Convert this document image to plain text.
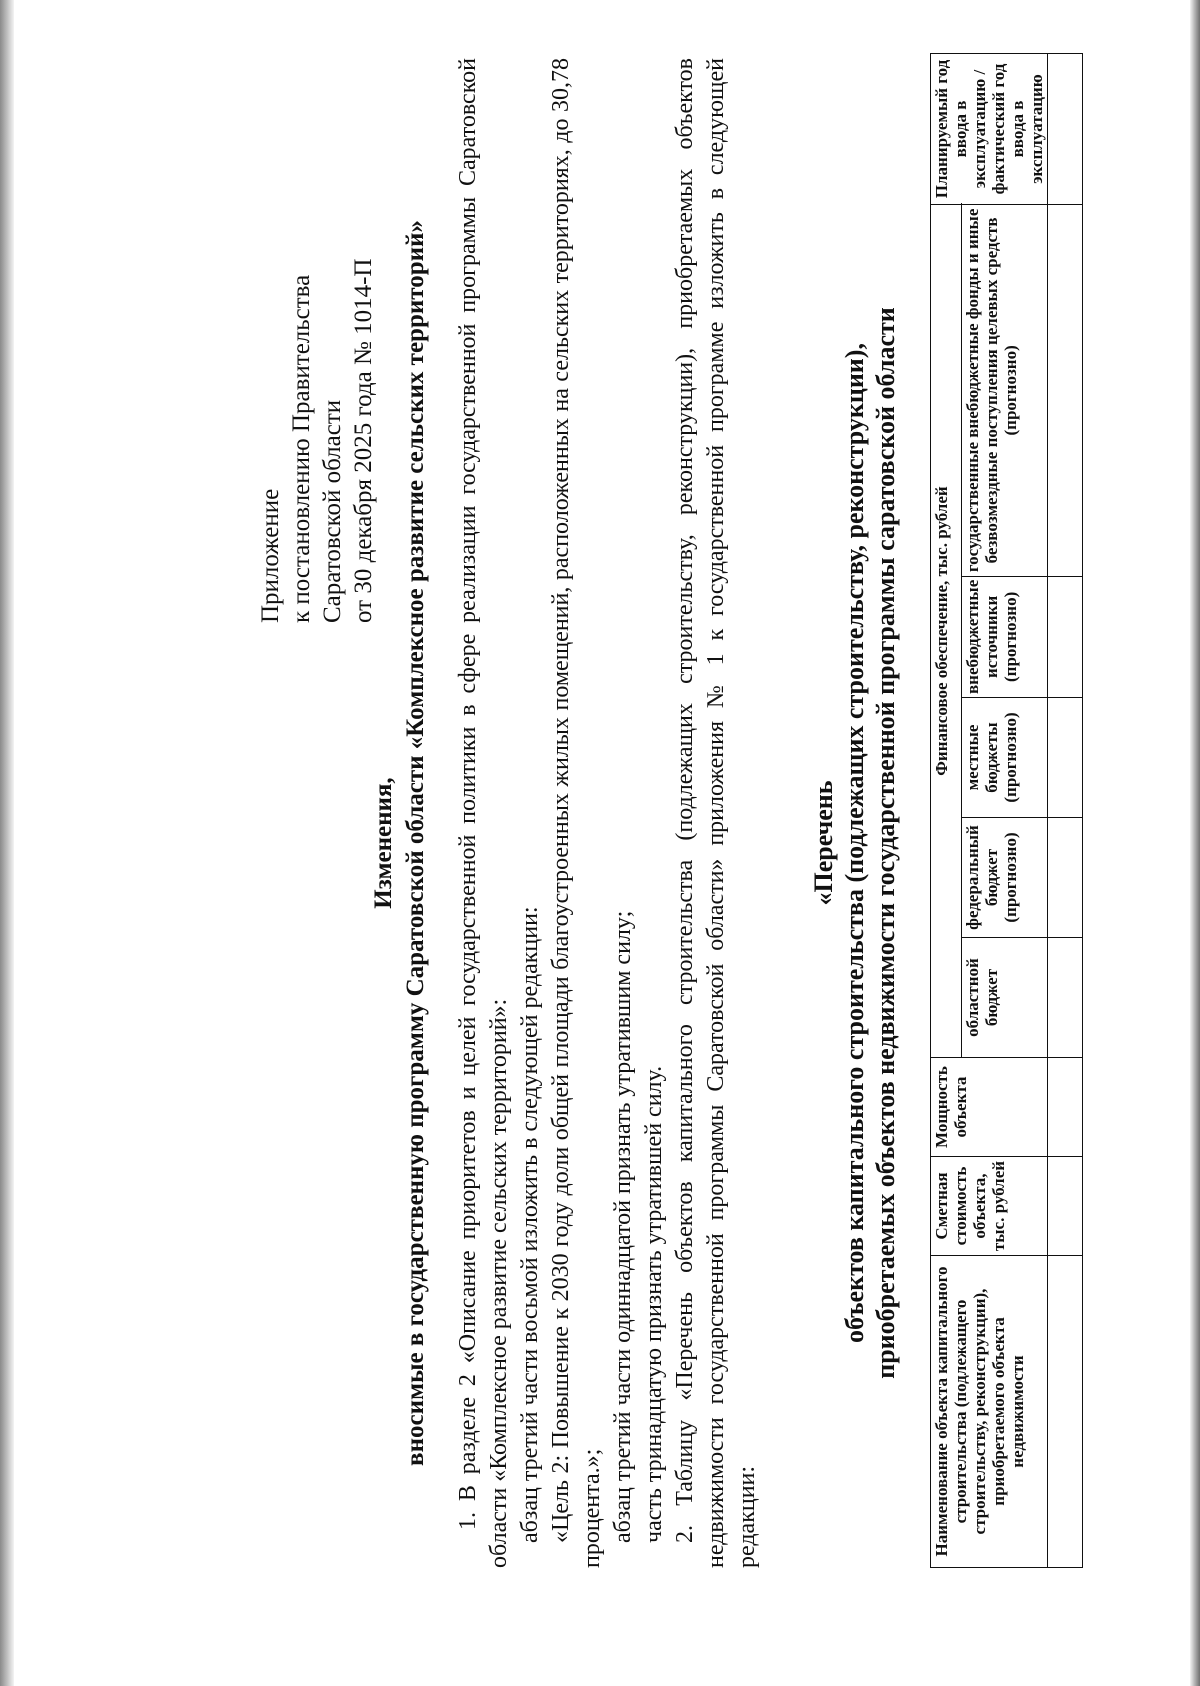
Приложение к постановлению Правительства Саратовской области от 30 декабря 2025 года № 1014-П
Изменения, вносимые в государственную программу Саратовской области «Комплексное развитие сельских территорий» 1. В разделе 2 «Описание приоритетов и целей государственной политики в сфере реализации государственной программы Саратовской области «Комплексное развитие сельских территорий»: абзац третий части восьмой изложить в следующей редакции: «Цель 2: Повышение к 2030 году доли общей площади благоустроенных жилых помещений, расположенных на сельских территориях, до 30,78 процента.»; абзац третий части одиннадцатой признать утратившим силу; часть тринадцатую признать утратившей силу. 2. Таблицу «Перечень объектов капитального строительства (подлежащих строительству, реконструкции), приобретаемых объектов недвижимости государственной программы Саратовской области» приложения № 1 к государственной программе изложить в следующей редакции:

«Перечень объектов капитального строительства (подлежащих строительству, реконструкции), приобретаемых объектов недвижимости государственной программы саратовской области
Наименование объекта капитального строительства (подлежащего строительству, реконструкции), приобретаемого объекта недвижимости	Сметная стоимость объекта, тыс. рублей	Мощность объекта	Финансовое обеспечение, тыс. рублей					Планируемый год ввода в эксплуатацию / фактический год ввода в эксплуатацию
			областной бюджет	федеральный бюджет (прогнозно)	местные бюджеты (прогнозно)	внебюджетные источники (прогнозно)	государственные внебюджетные фонды и иные безвозмездные поступления целевых средств (прогнозно)	
